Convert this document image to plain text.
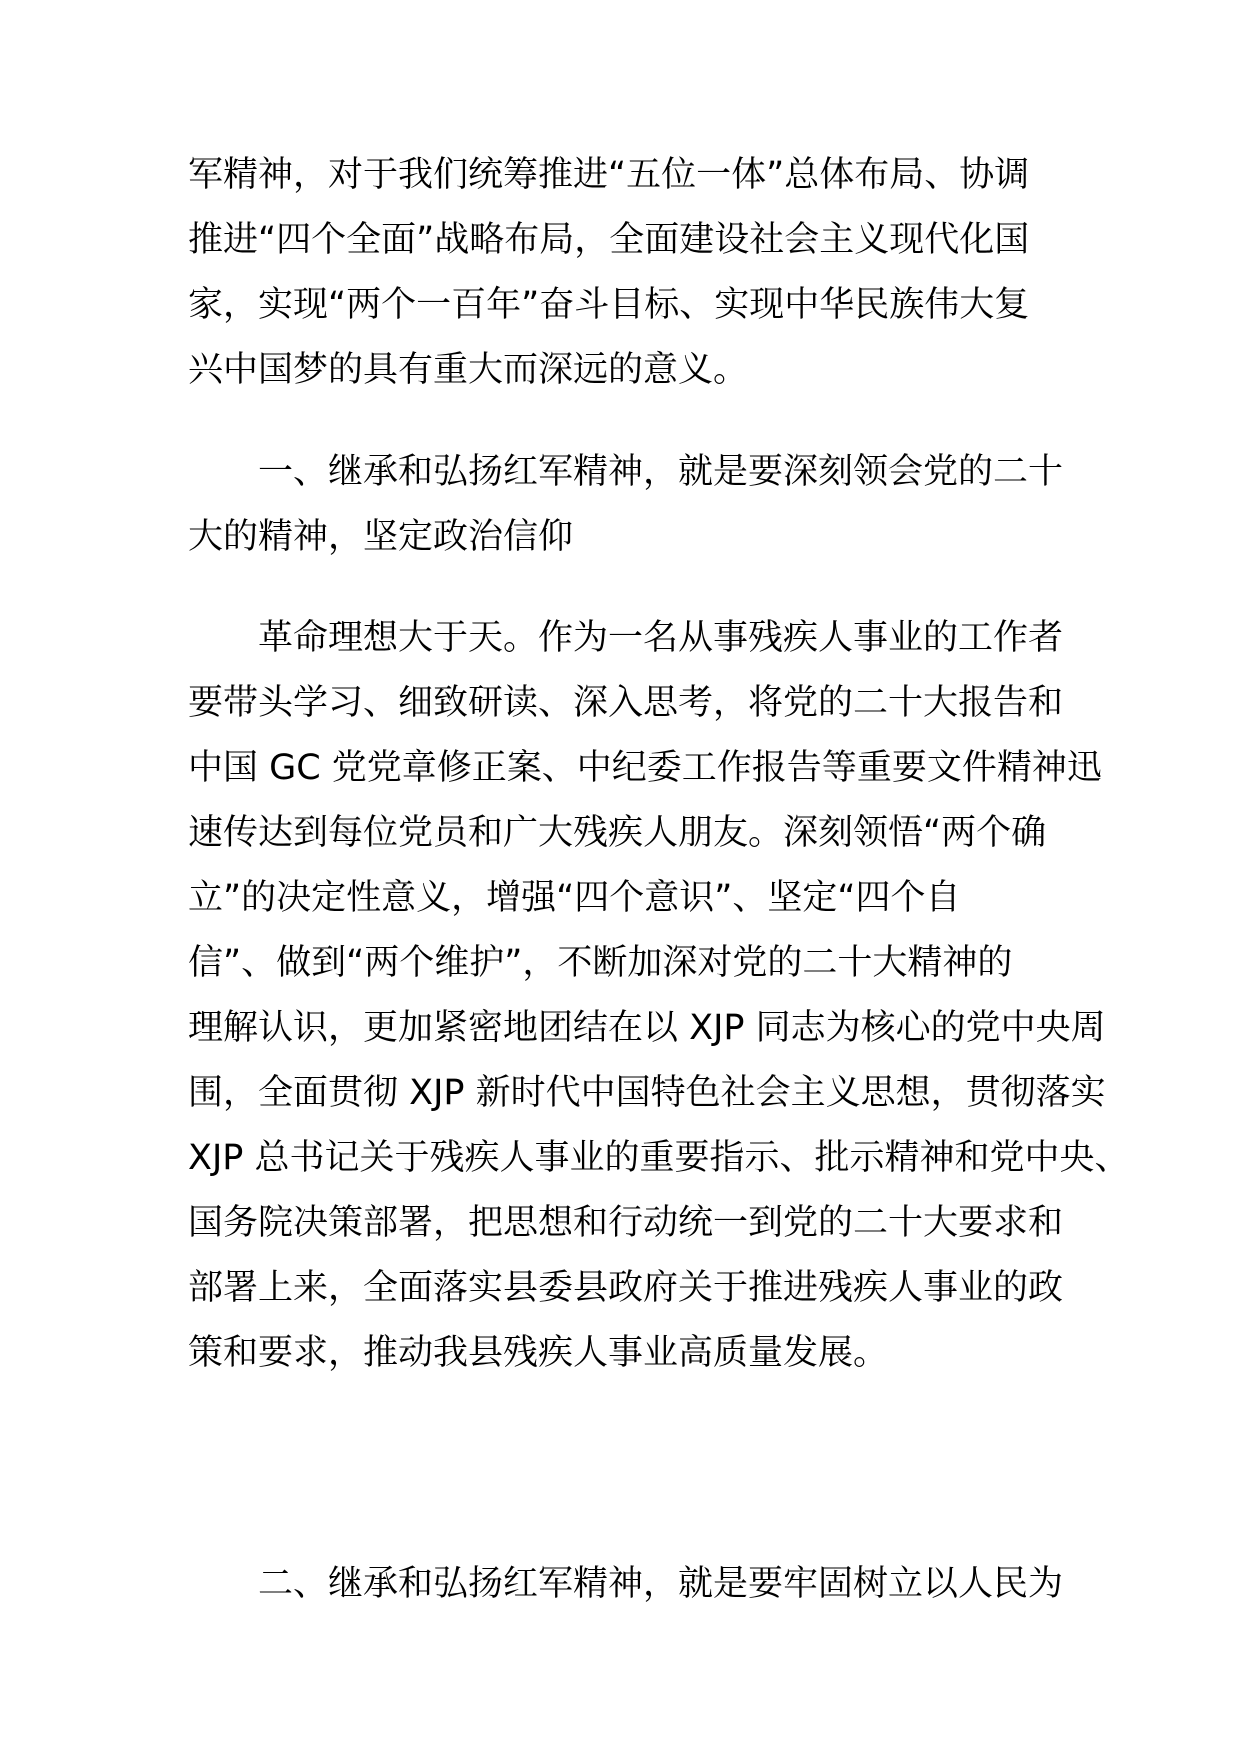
军精神，对于我们统筹推进“五位一体”总体布局、协调
推进“四个全面”战略布局，全面建设社会主义现代化国
家，实现“两个一百年”奋斗目标、实现中华民族伟大复
兴中国梦的具有重大而深远的意义。
一、继承和弘扬红军精神，就是要深刻领会党的二十
大的精神，坚定政治信仰
革命理想大于天。作为一名从事残疾人事业的工作者
要带头学习、细致研读、深入思考，将党的二十大报告和
中国 GC 党党章修正案、中纪委工作报告等重要文件精神迅
速传达到每位党员和广大残疾人朋友。深刻领悟“两个确
立”的决定性意义，增强“四个意识”、坚定“四个自
信”、做到“两个维护”，不断加深对党的二十大精神的
理解认识，更加紧密地团结在以 XJP 同志为核心的党中央周
围，全面贯彻 XJP 新时代中国特色社会主义思想，贯彻落实
XJP 总书记关于残疾人事业的重要指示、批示精神和党中央、
国务院决策部署，把思想和行动统一到党的二十大要求和
部署上来，全面落实县委县政府关于推进残疾人事业的政
策和要求，推动我县残疾人事业高质量发展。
二、继承和弘扬红军精神，就是要牢固树立以人民为
